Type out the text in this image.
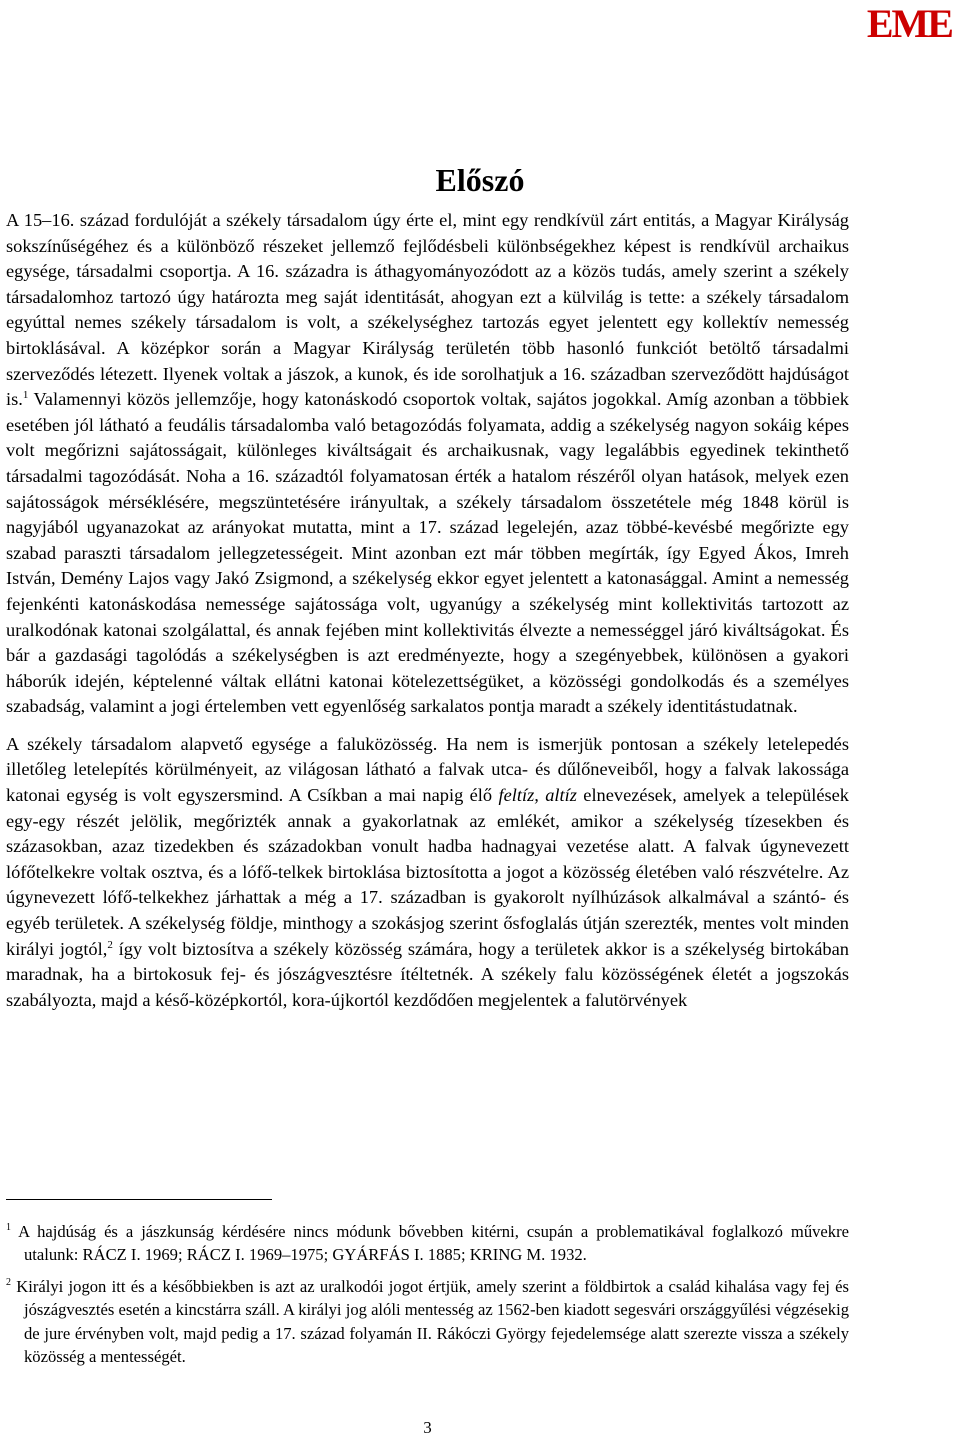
EME
Előszó

A 15–16. század fordulóját a székely társadalom úgy érte el, mint egy rendkívül zárt entitás, a Magyar Királyság sokszínűségéhez és a különböző részeket jellemző fejlődésbeli különbségekhez képest is rendkívül archaikus egysége, társadalmi csoportja. A 16. századra is áthagyományozódott az a közös tudás, amely szerint a székely társadalomhoz tartozó úgy határozta meg saját identitását, ahogyan ezt a külvilág is tette: a székely társadalom egyúttal nemes székely társadalom is volt, a székelységhez tartozás egyet jelentett egy kollektív nemesség birtoklásával. A középkor során a Magyar Királyság területén több hasonló funkciót betöltő társadalmi szerveződés létezett. Ilyenek voltak a jászok, a kunok, és ide sorolhatjuk a 16. században szerveződött hajdúságot is.$^1$ Valamennyi közös jellemzője, hogy katonáskodó csoportok voltak, sajátos jogokkal. Amíg azonban a többiek esetében jól látható a feudális társadalomba való betagozódás folyamata, addig a székelység nagyon sokáig képes volt megőrizni sajátosságait, különleges kiváltságait és archaikusnak, vagy legalábbis egyedinek tekinthető társadalmi tagozódását. Noha a 16. századtól folyamatosan érték a hatalom részéről olyan hatások, melyek ezen sajátosságok mérséklésére, megszüntetésére irányultak, a székely társadalom összetétele még 1848 körül is nagyjából ugyanazokat az arányokat mutatta, mint a 17. század legelején, azaz többé-kevésbé megőrizte egy szabad paraszti társadalom jellegzetességeit. Mint azonban ezt már többen megírták, így Egyed Ákos, Imreh István, Demény Lajos vagy Jakó Zsigmond, a székelység ekkor egyet jelentett a katonasággal. Amint a nemesség fejenkénti katonáskodása nemessége sajátossága volt, ugyanúgy a székelység mint kollektivitás tartozott az uralkodónak katonai szolgálattal, és annak fejében mint kollektivitás élvezte a nemességgel járó kiváltságokat. És bár a gazdasági tagolódás a székelységben is azt eredményezte, hogy a szegényebbek, különösen a gyakori háborúk idején, képtelenné váltak ellátni katonai kötelezettségüket, a közösségi gondolkodás és a személyes szabadság, valamint a jogi értelemben vett egyenlőség sarkalatos pontja maradt a székely identitástudatnak.

A székely társadalom alapvető egysége a faluközösség. Ha nem is ismerjük pontosan a székely letelepedés illetőleg letelepítés körülményeit, az világosan látható a falvak utca- és dűlőneveiből, hogy a falvak lakossága katonai egység is volt egyszersmind. A Csíkban a mai napig élő feltíz, altíz elnevezések, amelyek a települések egy-egy részét jelölik, megőrizték annak a gyakorlatnak az emlékét, amikor a székelység tízesekben és százasokban, azaz tizedekben és századokban vonult hadba hadnagyai vezetése alatt. A falvak úgynevezett lófőtelkekre voltak osztva, és a lófő-telkek birtoklása biztosította a jogot a közösség életében való részvételre. Az úgynevezett lófő-telkekhez járhattak a még a 17. században is gyakorolt nyílhúzások alkalmával a szántó- és egyéb területek. A székelység földje, minthogy a szokásjog szerint ősfoglalás útján szerezték, mentes volt minden királyi jogtól,$^2$ így volt biztosítva a székely közösség számára, hogy a területek akkor is a székelység birtokában maradnak, ha a birtokosuk fej- és jószágvesztésre ítéltetnék. A székely falu közösségének életét a jogszokás szabályozta, majd a késő-középkortól, kora-újkortól kezdődően megjelentek a falutörvények

$^1$ A hajdúság és a jászkunság kérdésére nincs módunk bővebben kitérni, csupán a problematikával foglalkozó művekre utalunk: RÁCZ I. 1969; RÁCZ I. 1969–1975; GYÁRFÁS I. 1885; KRING M. 1932.
$^2$ Királyi jogon itt és a későbbiekben is azt az uralkodói jogot értjük, amely szerint a földbirtok a család kihalása vagy fej és jószágvesztés esetén a kincstárra száll. A királyi jog alóli mentesség az 1562-ben kiadott segesvári országgyűlési végzésekig de jure érvényben volt, majd pedig a 17. század folyamán II. Rákóczi György fejedelemsége alatt szerezte vissza a székely közösség a mentességét.
3
